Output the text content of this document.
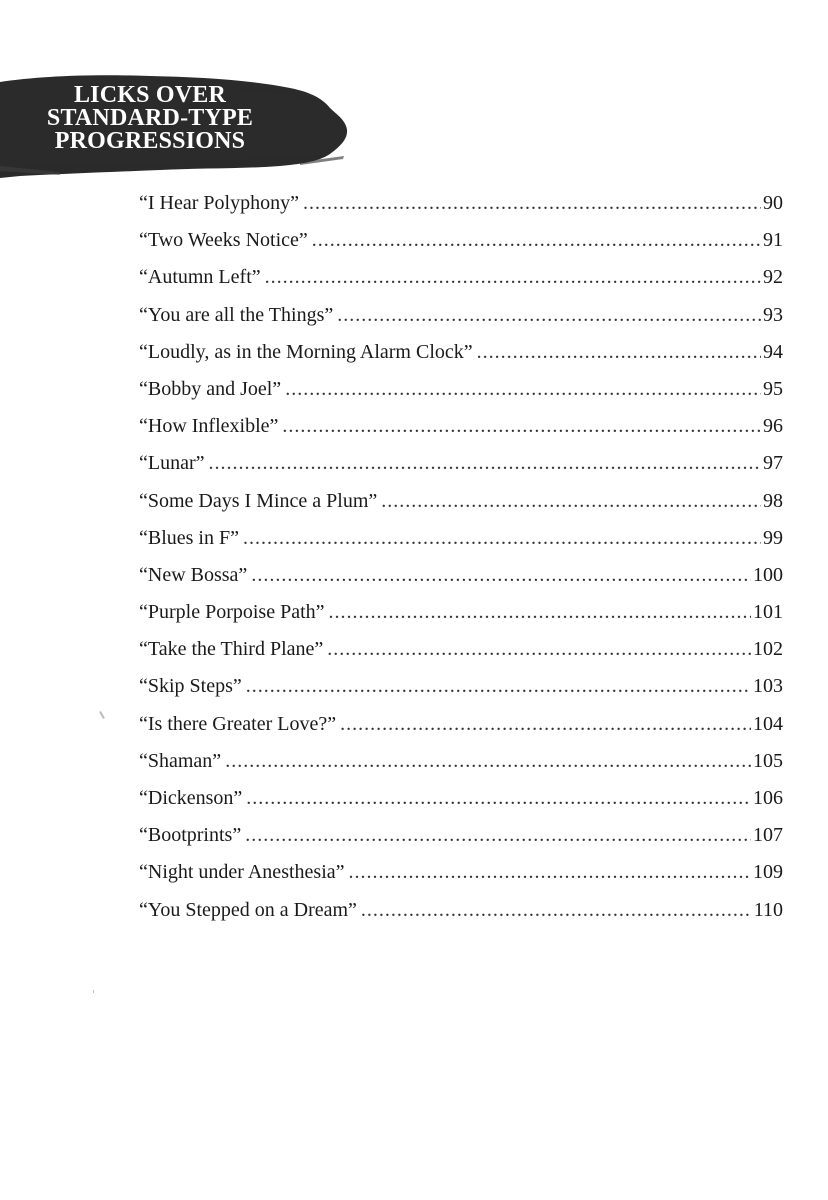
LICKS OVER
STANDARD-TYPE
PROGRESSIONS
“I Hear Polyphony” .....	90
“Two Weeks Notice” .....	91
“Autumn Left” .....	92
“You are all the Things” .....	93
“Loudly, as in the Morning Alarm Clock” .....	94
“Bobby and Joel” .....	95
“How Inflexible” .....	96
“Lunar” .....	97
“Some Days I Mince a Plum” .....	98
“Blues in F” .....	99
“New Bossa” .....	100
“Purple Porpoise Path” .....	101
“Take the Third Plane” .....	102
“Skip Steps” .....	103
“Is there Greater Love?” .....	104
“Shaman” .....	105
“Dickenson” .....	106
“Bootprints” .....	107
“Night under Anesthesia” .....	109
“You Stepped on a Dream” .....	110
